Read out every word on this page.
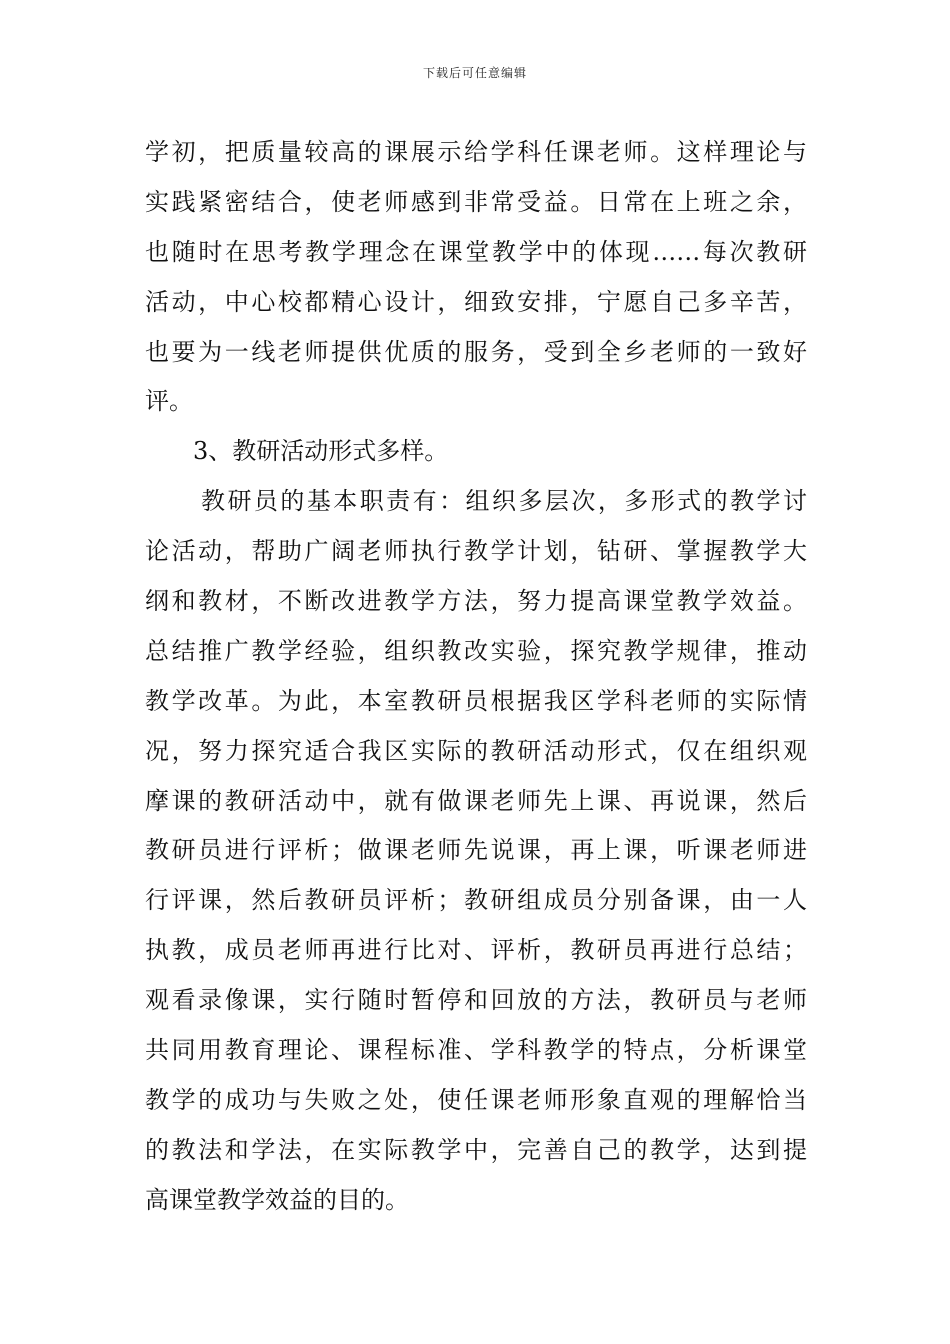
下载后可任意编辑
学初，把质量较高的课展示给学科任课老师。这样理论与
实践紧密结合，使老师感到非常受益。日常在上班之余，
也随时在思考教学理念在课堂教学中的体现……每次教研
活动，中心校都精心设计，细致安排，宁愿自己多辛苦，
也要为一线老师提供优质的服务，受到全乡老师的一致好
评。
3、教研活动形式多样。
教研员的基本职责有：组织多层次，多形式的教学讨
论活动，帮助广阔老师执行教学计划，钻研、掌握教学大
纲和教材，不断改进教学方法，努力提高课堂教学效益。
总结推广教学经验，组织教改实验，探究教学规律，推动
教学改革。为此，本室教研员根据我区学科老师的实际情
况，努力探究适合我区实际的教研活动形式，仅在组织观
摩课的教研活动中，就有做课老师先上课、再说课，然后
教研员进行评析；做课老师先说课，再上课，听课老师进
行评课，然后教研员评析；教研组成员分别备课，由一人
执教，成员老师再进行比对、评析，教研员再进行总结；
观看录像课，实行随时暂停和回放的方法，教研员与老师
共同用教育理论、课程标准、学科教学的特点，分析课堂
教学的成功与失败之处，使任课老师形象直观的理解恰当
的教法和学法，在实际教学中，完善自己的教学，达到提
高课堂教学效益的目的。
